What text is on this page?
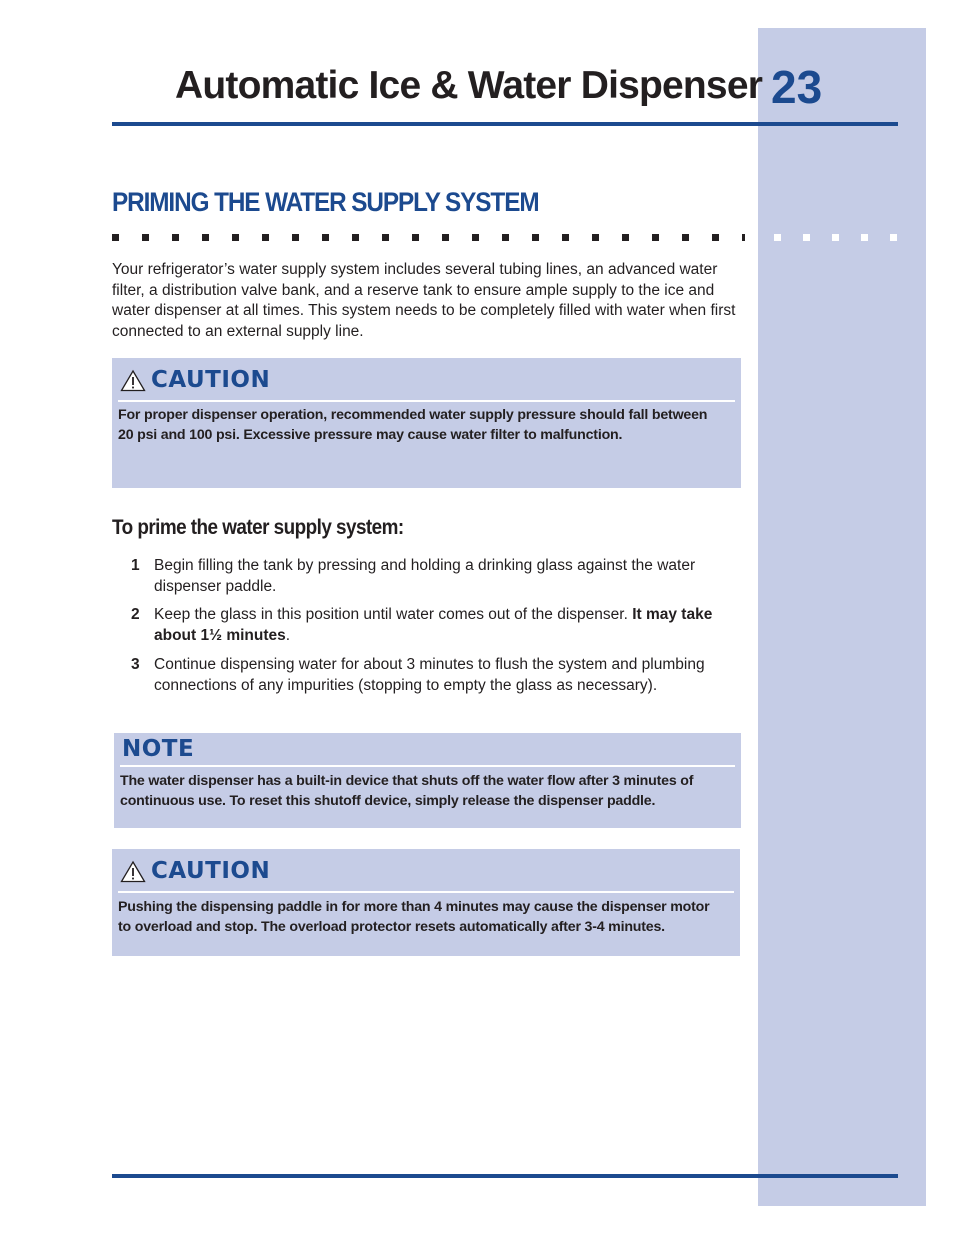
Automatic Ice & Water Dispenser 23
PRIMING THE WATER SUPPLY SYSTEM

Your refrigerator’s water supply system includes several tubing lines, an advanced water filter, a distribution valve bank, and a reserve tank to ensure ample supply to the ice and water dispenser at all times. This system needs to be completely filled with water when first connected to an external supply line.

CAUTION

For proper dispenser operation, recommended water supply pressure should fall between 20 psi and 100 psi. Excessive pressure may cause water filter to malfunction.

To prime the water supply system:
1 Begin filling the tank by pressing and holding a drinking glass against the water dispenser paddle.
2 Keep the glass in this position until water comes out of the dispenser. It may take about 1½ minutes.
3 Continue dispensing water for about 3 minutes to flush the system and plumbing connections of any impurities (stopping to empty the glass as necessary).
NOTE

The water dispenser has a built-in device that shuts off the water flow after 3 minutes of continuous use. To reset this shutoff device, simply release the dispenser paddle.

CAUTION

Pushing the dispensing paddle in for more than 4 minutes may cause the dispenser motor to overload and stop. The overload protector resets automatically after 3-4 minutes.
